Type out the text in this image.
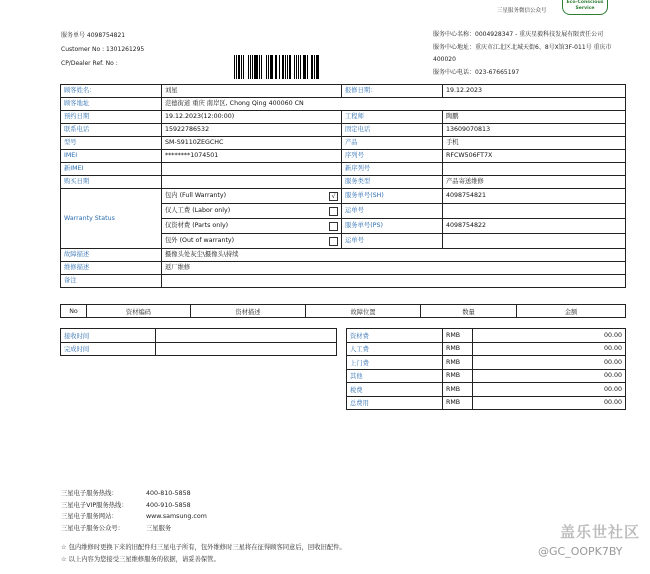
三星服务微信公众号
Eco-Conscious
Service
服务单号 4098754821
Customer No : 1301261295
CP/Dealer Ref. No :
服务中心名称：0004928347 - 重庆星毅科技发展有限责任公司
服务中心地址：重庆市江北区北城天街6、8号X馆3F-011号 重庆市
400020
服务中心电话：023-67665197
顾客姓名：	刘星	报修日期：	19.12.2023
顾客地址	范德街道 重庆 南岸区, Chong Qing 400060 CN		
预约日期	19.12.2023(12:00:00)	工程师	陶鹏
联系电话	15922786532	固定电话	13609070813
型号	SM-S9110ZEGCHC	产品	手机
IMEI	********1074501	序列号	RFCW506FT7X
新IMEI		新序列号	
购买日期		服务类型	产品寄送维修
Warranty Status	包内 (Full Warranty) √	服务单号(SH)	4098754821

	仅人工费 (Labor only)	运单号	

	仅资材费 (Parts only)	服务单号(PS)	4098754822

	包外 (Out of warranty)	运单号	
故障描述	摄像头处灰尘\摄像头\持续		
维修描述	返厂维修		
备注			
No	资材编码	资材描述	故障位置	数量	金额
接收时间	
完成时间	
资材费	RMB	00.00
人工费	RMB	00.00
上门费	RMB	00.00
其他	RMB	00.00
税费	RMB	00.00
总费用	RMB	00.00
三星电子服务热线：	400-810-5858
三星电子VIP服务热线：	400-910-5858
三星电子服务网站：	www.samsung.com
三星电子服务公众号：	三星服务
☆ 包内维修时更换下来的旧配件归三星电子所有，包外维修时三星将在征得顾客同意后，回收旧配件。
☆ 以上内容为您接受三星维修服务的依据，请妥善保管。
盖乐世社区
@GC_OOPK7BY
